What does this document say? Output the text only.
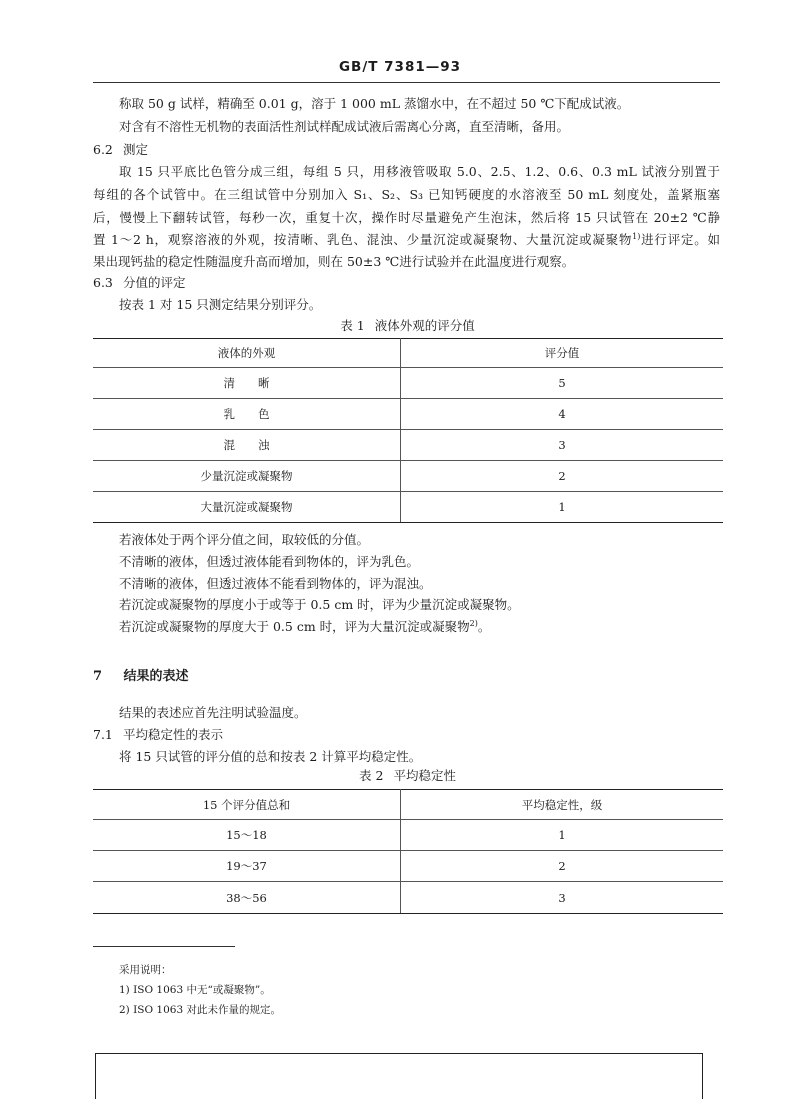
GB/T 7381—93
称取 50 g 试样，精确至 0.01 g，溶于 1 000 mL 蒸馏水中，在不超过 50 ℃下配成试液。
对含有不溶性无机物的表面活性剂试样配成试液后需离心分离，直至清晰，备用。
6.2 测定
取 15 只平底比色管分成三组，每组 5 只，用移液管吸取 5.0、2.5、1.2、0.6、0.3 mL 试液分别置于
每组的各个试管中。在三组试管中分别加入 S₁、S₂、S₃ 已知钙硬度的水溶液至 50 mL 刻度处，盖紧瓶塞
后，慢慢上下翻转试管，每秒一次，重复十次，操作时尽量避免产生泡沫，然后将 15 只试管在 20±2 ℃静
置 1～2 h，观察溶液的外观，按清晰、乳色、混浊、少量沉淀或凝聚物、大量沉淀或凝聚物$^{1)}$进行评定。如
果出现钙盐的稳定性随温度升高而增加，则在 50±3 ℃进行试验并在此温度进行观察。
6.3 分值的评定
按表 1 对 15 只测定结果分别评分。
表 1 液体外观的评分值
液体的外观	评分值
清　　晰	5
乳　　色	4
混　　浊	3
少量沉淀或凝聚物	2
大量沉淀或凝聚物	1
若液体处于两个评分值之间，取较低的分值。
不清晰的液体，但透过液体能看到物体的，评为乳色。
不清晰的液体，但透过液体不能看到物体的，评为混浊。
若沉淀或凝聚物的厚度小于或等于 0.5 cm 时，评为少量沉淀或凝聚物。
若沉淀或凝聚物的厚度大于 0.5 cm 时，评为大量沉淀或凝聚物$^{2)}$。
7 结果的表述
结果的表述应首先注明试验温度。
7.1 平均稳定性的表示
将 15 只试管的评分值的总和按表 2 计算平均稳定性。
表 2 平均稳定性
15 个评分值总和	平均稳定性，级
15～18	1
19～37	2
38～56	3
采用说明：
1) ISO 1063 中无“或凝聚物”。
2) ISO 1063 对此未作量的规定。
